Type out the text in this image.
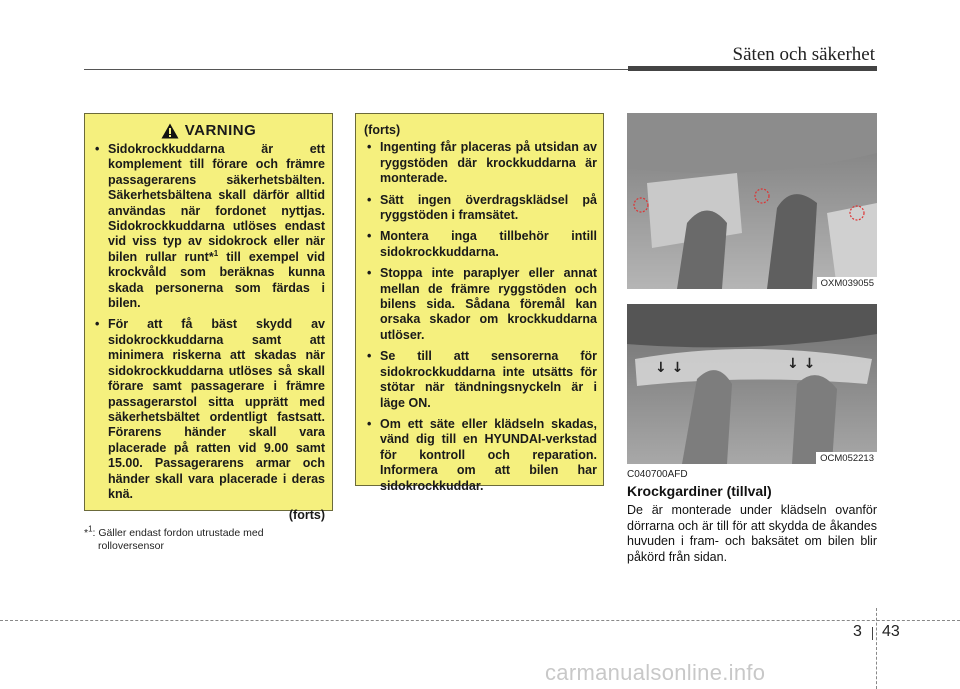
Säten och säkerhet
VARNING
• Sidokrockkuddarna är ett komplement till förare och främre passagerarens säkerhetsbälten. Säkerhetsbältena skall därför alltid användas när fordonet nyttjas. Sidokrockkuddarna utlöses endast vid viss typ av sidokrock eller när bilen rullar runt*$^1$ till exempel vid krockvåld som beräknas kunna skada personerna som färdas i bilen.
• För att få bäst skydd av sidokrockkuddarna samt att minimera riskerna att skadas när sidokrockkuddarna utlöses så skall förare samt passagerare i främre passagerarstol sitta upprätt med säkerhetsbältet ordentligt fastsatt. Förarens händer skall vara placerade på ratten vid 9.00 samt 15.00. Passagerarens armar och händer skall vara placerade i deras knä.
(forts)
*$^1$: Gäller endast fordon utrustade med
rolloversensor
(forts)
• Ingenting får placeras på utsidan av ryggstöden där krockkuddarna är monterade.
• Sätt ingen överdragsklädsel på ryggstöden i framsätet.
• Montera inga tillbehör intill sidokrockkuddarna.
• Stoppa inte paraplyer eller annat mellan de främre ryggstöden och bilens sida. Sådana föremål kan orsaka skador om krockkuddarna utlöser.
• Se till att sensorerna för sidokrockkuddarna inte utsätts för stötar när tändningsnyckeln är i läge ON.
• Om ett säte eller klädseln skadas, vänd dig till en HYUNDAI-verkstad för kontroll och reparation. Informera om att bilen har sidokrockkuddar.
OXM039055
↓ ↓	↓ ↓
OCM052213
C040700AFD
Krockgardiner (tillval)
De är monterade under klädseln ovanför dörrarna och är till för att skydda de åkandes huvuden i fram- och baksätet om bilen blir påkörd från sidan.
3 43
carmanualsonline.info
